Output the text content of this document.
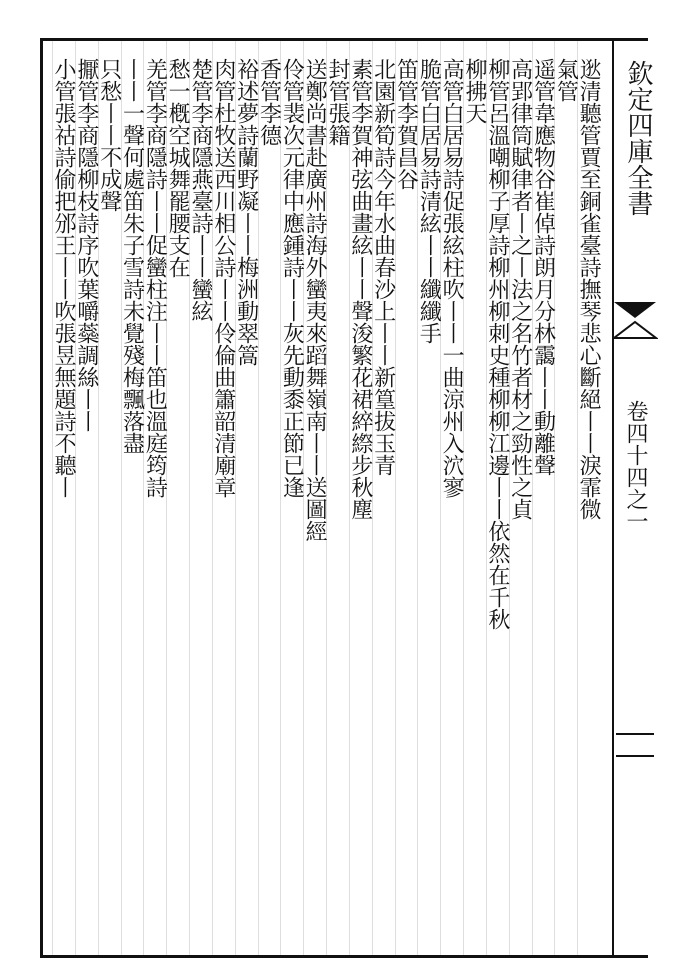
欽定四庫全書
卷四十四之一
逖清聽管賈至銅雀臺詩撫琴悲心斷絕丨丨淚霏微
氣管
遥管韋應物谷崔倬詩朗月分林靄丨丨動離聲
高郢律筒賦律者丨之丨法之名竹者材之勁性之貞
柳管呂溫嘲柳子厚詩柳州柳刺史種柳柳江邊丨丨依然在千秋
柳拂天
高管白居易詩促張絃柱吹丨丨一曲涼州入泬寥
脆管白居易詩清絃丨丨纖纖手
笛管李賀昌谷
北園新筍詩今年水曲春沙上丨丨新篁拔玉青
素管李賀神弦曲畫絃丨丨聲浚繁花裙綷縩步秋塵
封管張籍
送鄭尚書赴廣州詩海外蠻夷來蹈舞嶺南丨丨送圖經
伶管裴次元律中應鍾詩丨丨灰先動黍正節已逢
香管李德
裕述夢詩蘭野凝丨丨梅洲動翠篙
肉管杜牧送西川相公詩丨丨伶倫曲簫韶清廟章
楚管李商隱燕臺詩丨丨蠻絃
愁一槪空城舞罷腰支在
羌管李商隱詩丨丨促蠻柱注丨丨笛也溫庭筠詩
丨丨一聲何處笛朱子雪詩未覺殘梅飄落盡
只愁丨丨不成聲
擫管李商隱柳枝詩序吹葉嚼蘂調絲丨丨
小管張祜詩偷把邠王丨丨吹張昱無題詩不聽丨
